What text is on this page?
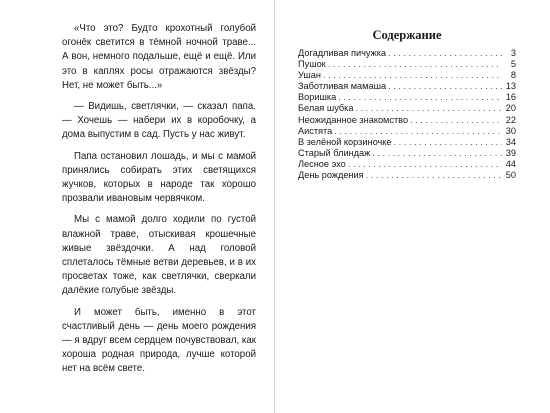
«Что это? Будто крохотный голубой огонёк светится в тёмной ночной траве... А вон, немного подальше, ещё и ещё. Или это в каплях росы отражаются звёзды? Нет, не может быть...»

— Видишь, светлячки, — сказал папа. — Хочешь — набери их в коробочку, а дома выпустим в сад. Пусть у нас живут.

Папа остановил лошадь, и мы с мамой принялись собирать этих светящихся жучков, которых в народе так хорошо прозвали ивановым червячком.

Мы с мамой долго ходили по густой влажной траве, отыскивая крошечные живые звёздочки. А над головой сплеталось тёмные ветви деревьев, и в их просветах тоже, как светлячки, сверкали далёкие голубые звёзды.

И может быть, именно в этот счастливый день — день моего рождения — я вдруг всем сердцем почувствовал, как хороша родная природа, лучше которой нет на всём свете.

Содержание
Догадливая пичужка . . .	3
Пушок . . .	5
Ушан . . .	8
Заботливая мамаша . . .	13
Воришка . . .	16
Белая шубка . . .	20
Неожиданное знакомство . . .	22
Аистята . . .	30
В зелёной корзиночке . . .	34
Старый блиндаж . . .	39
Лесное эхо . . .	44
День рождения . . .	50
